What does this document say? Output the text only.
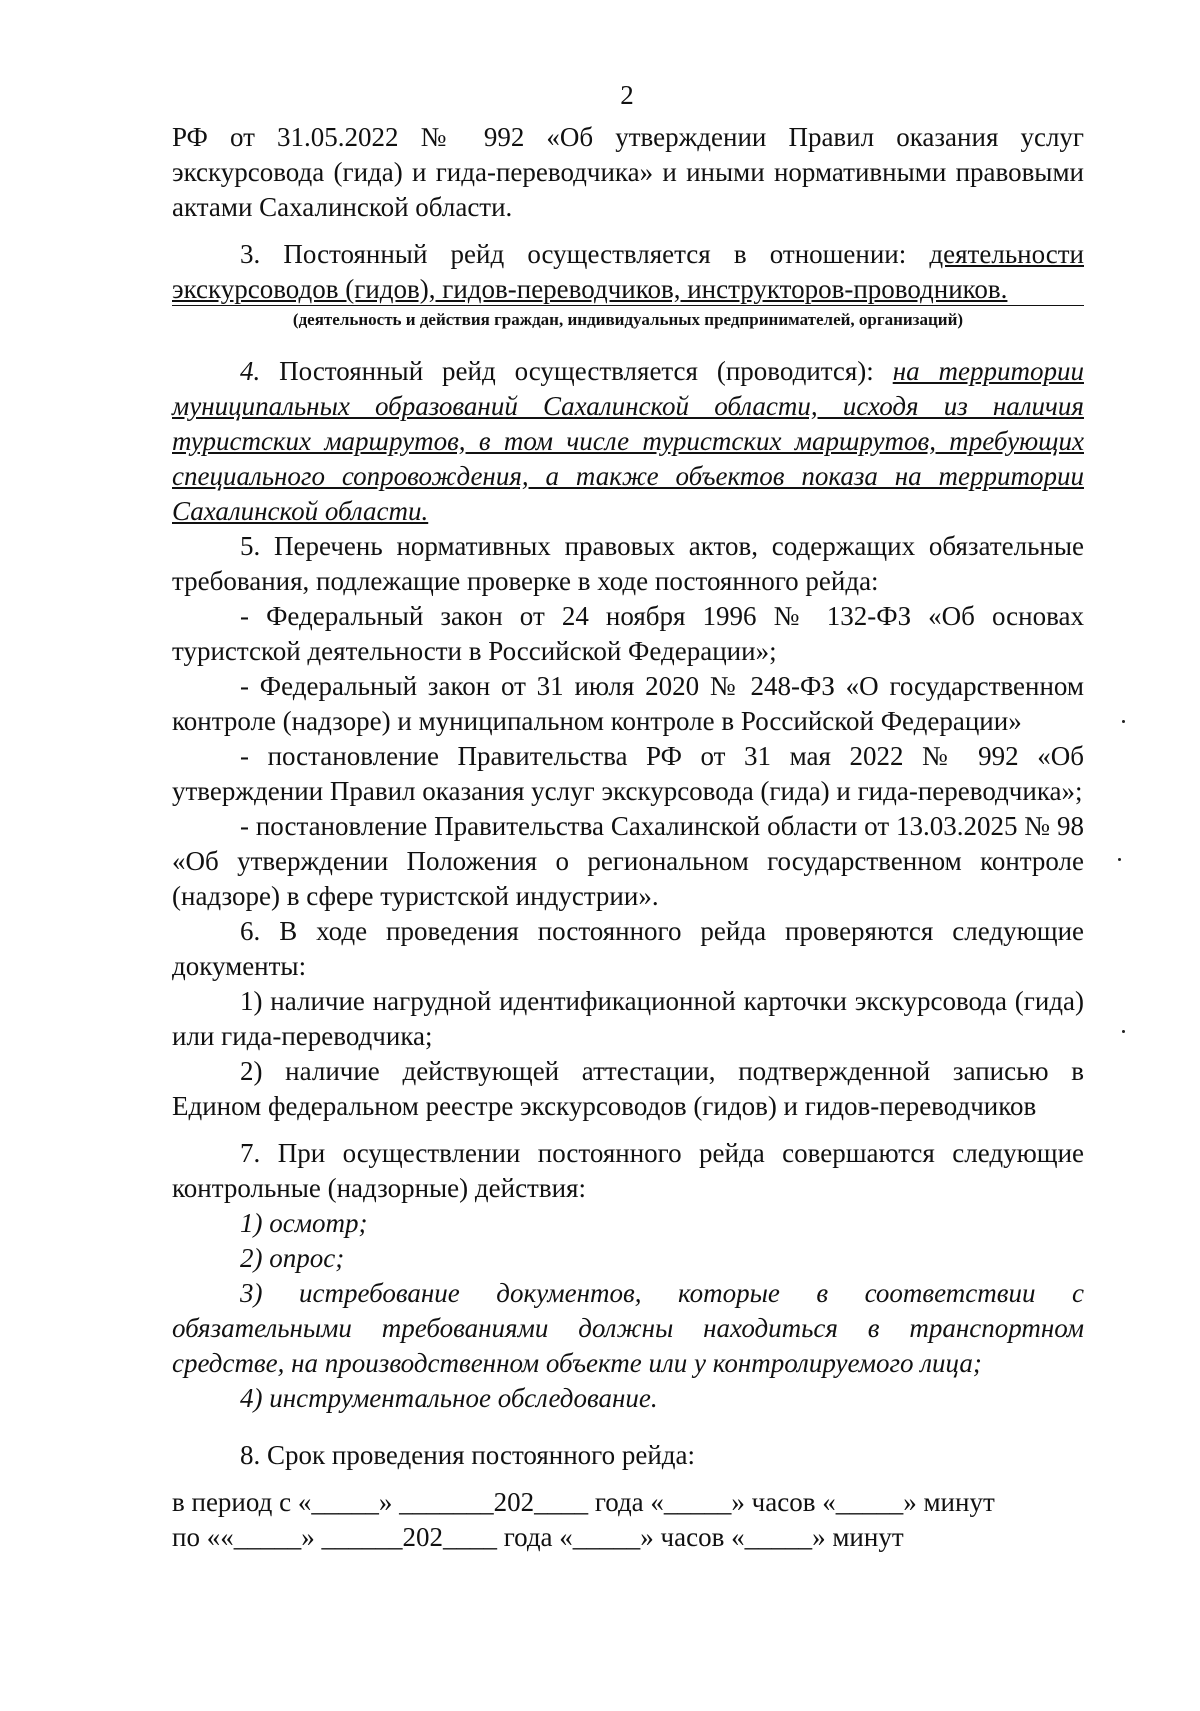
2

РФ от 31.05.2022 № 992 «Об утверждении Правил оказания услуг экскурсовода (гида) и гида-переводчика» и иными нормативными правовыми актами Сахалинской области.

3. Постоянный рейд осуществляется в отношении: деятельности экскурсоводов (гидов), гидов-переводчиков, инструкторов-проводников.

(деятельность и действия граждан, индивидуальных предпринимателей, организаций)

4. Постоянный рейд осуществляется (проводится): на территории муниципальных образований Сахалинской области, исходя из наличия туристских маршрутов, в том числе туристских маршрутов, требующих специального сопровождения, а также объектов показа на территории Сахалинской области.

5. Перечень нормативных правовых актов, содержащих обязательные требования, подлежащие проверке в ходе постоянного рейда:

- Федеральный закон от 24 ноября 1996 № 132-ФЗ «Об основах туристской деятельности в Российской Федерации»;

- Федеральный закон от 31 июля 2020 № 248-ФЗ «О государственном контроле (надзоре) и муниципальном контроле в Российской Федерации»

- постановление Правительства РФ от 31 мая 2022 № 992 «Об утверждении Правил оказания услуг экскурсовода (гида) и гида-переводчика»;

- постановление Правительства Сахалинской области от 13.03.2025 № 98 «Об утверждении Положения о региональном государственном контроле (надзоре) в сфере туристской индустрии».

6. В ходе проведения постоянного рейда проверяются следующие документы:

1) наличие нагрудной идентификационной карточки экскурсовода (гида) или гида-переводчика;

2) наличие действующей аттестации, подтвержденной записью в Едином федеральном реестре экскурсоводов (гидов) и гидов-переводчиков

7. При осуществлении постоянного рейда совершаются следующие контрольные (надзорные) действия:

1) осмотр;

2) опрос;

3) истребование документов, которые в соответствии с обязательными требованиями должны находиться в транспортном средстве, на производственном объекте или у контролируемого лица;

4) инструментальное обследование.

8. Срок проведения постоянного рейда:

в период с «_____» _______202____ года «_____» часов «_____» минут

по ««_____» ______202____ года «_____» часов «_____» минут
